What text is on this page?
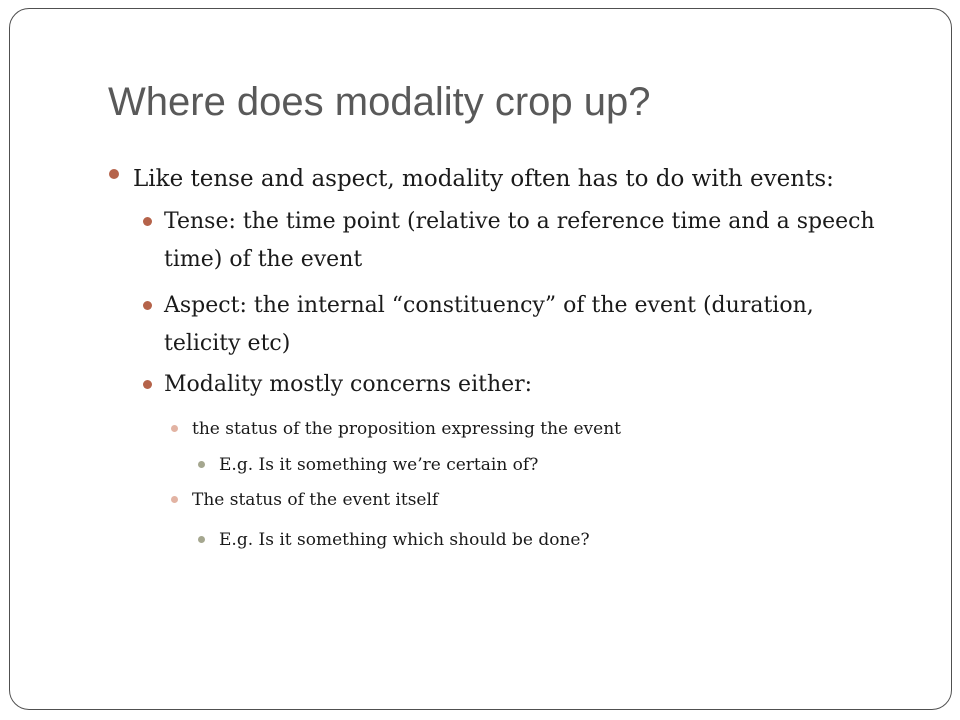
Where does modality crop up?
Like tense and aspect, modality often has to do with events:
Tense: the time point (relative to a reference time and a speech
time) of the event
Aspect: the internal “constituency” of the event (duration,
telicity etc)
Modality mostly concerns either:
the status of the proposition expressing the event
E.g. Is it something we’re certain of?
The status of the event itself
E.g. Is it something which should be done?
